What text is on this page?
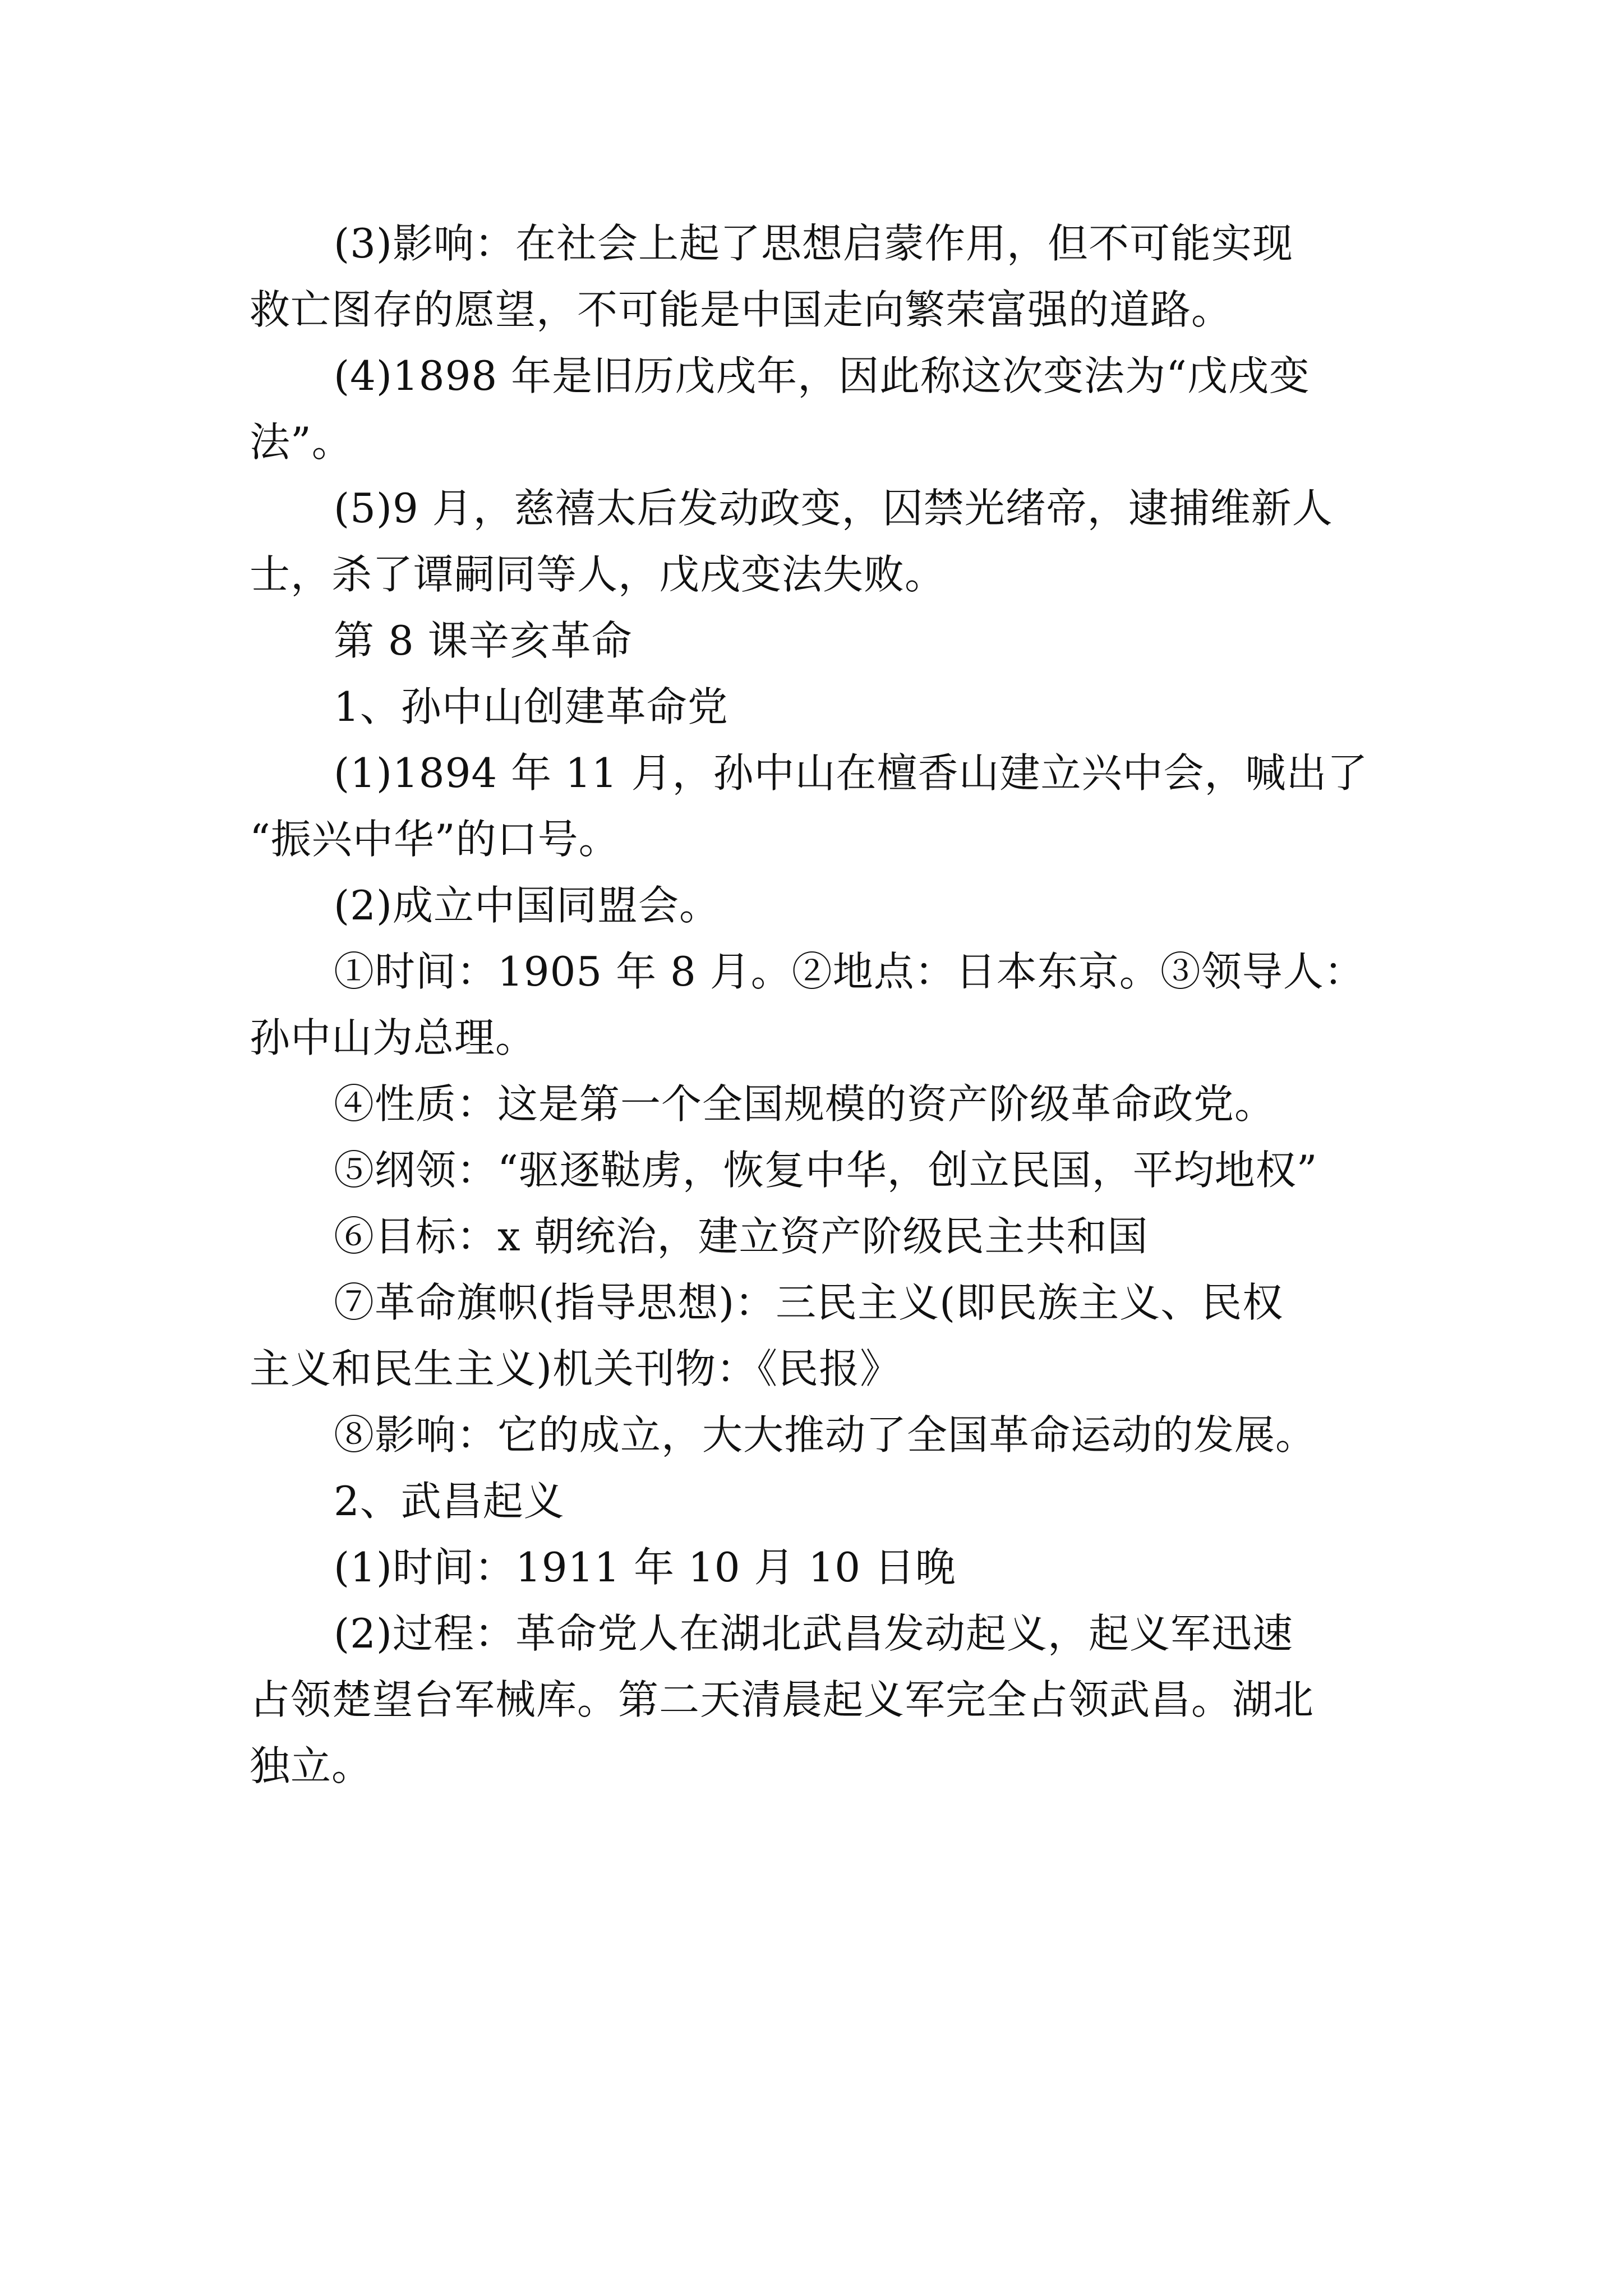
(3)影响：在社会上起了思想启蒙作用，但不可能实现
救亡图存的愿望，不可能是中国走向繁荣富强的道路。
(4)1898 年是旧历戊戌年，因此称这次变法为“戊戌变
法”。
(5)9 月，慈禧太后发动政变，囚禁光绪帝，逮捕维新人
士，杀了谭嗣同等人，戊戌变法失败。
第 8 课辛亥革命
1、孙中山创建革命党
(1)1894 年 11 月，孙中山在檀香山建立兴中会，喊出了
“振兴中华”的口号。
(2)成立中国同盟会。
①时间：1905 年 8 月。②地点：日本东京。③领导人：
孙中山为总理。
④性质：这是第一个全国规模的资产阶级革命政党。
⑤纲领：“驱逐鞑虏，恢复中华，创立民国，平均地权”
⑥目标：x 朝统治，建立资产阶级民主共和国
⑦革命旗帜(指导思想)：三民主义(即民族主义、民权
主义和民生主义)机关刊物：《民报》
⑧影响：它的成立，大大推动了全国革命运动的发展。
2、武昌起义
(1)时间：1911 年 10 月 10 日晚
(2)过程：革命党人在湖北武昌发动起义，起义军迅速
占领楚望台军械库。第二天清晨起义军完全占领武昌。湖北
独立。
